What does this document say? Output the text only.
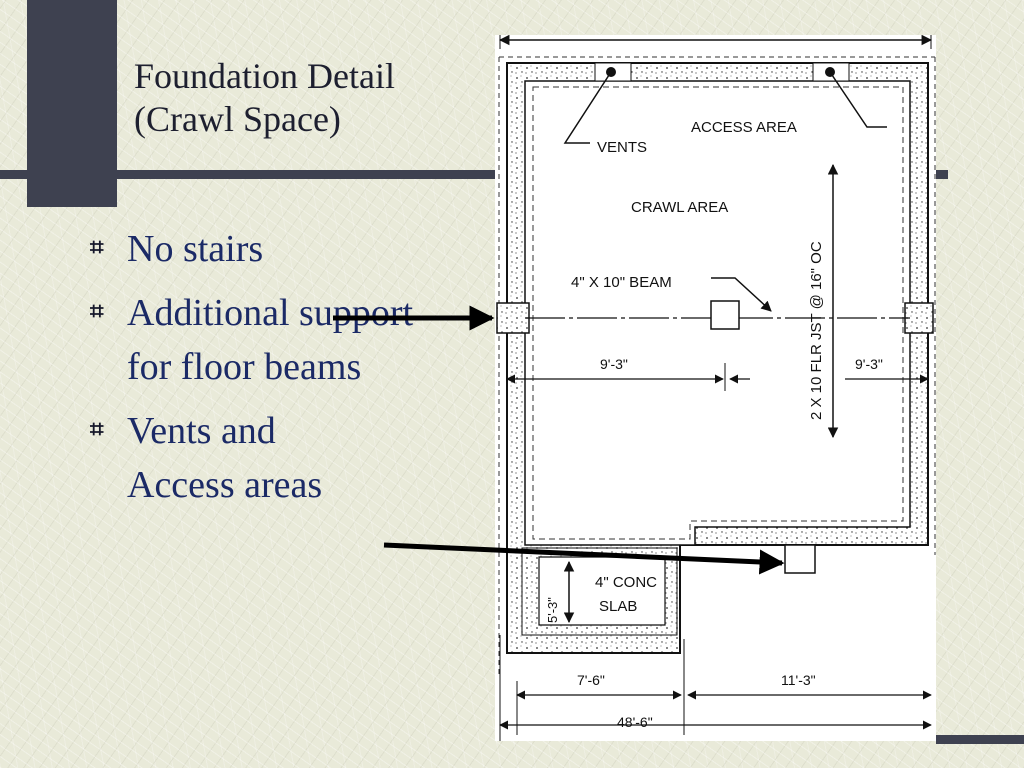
Foundation Detail
(Crawl Space)
⌗ No stairs
⌗ Additional support for floor beams
⌗ Vents and Access areas
VENTS
ACCESS AREA
CRAWL AREA
4" X 10" BEAM	2 X 10 FLR JST @ 16" OC
9'-3"	9'-3"
5'-3"
4" CONC
SLAB
7'-6"	11'-3"
48'-6"
